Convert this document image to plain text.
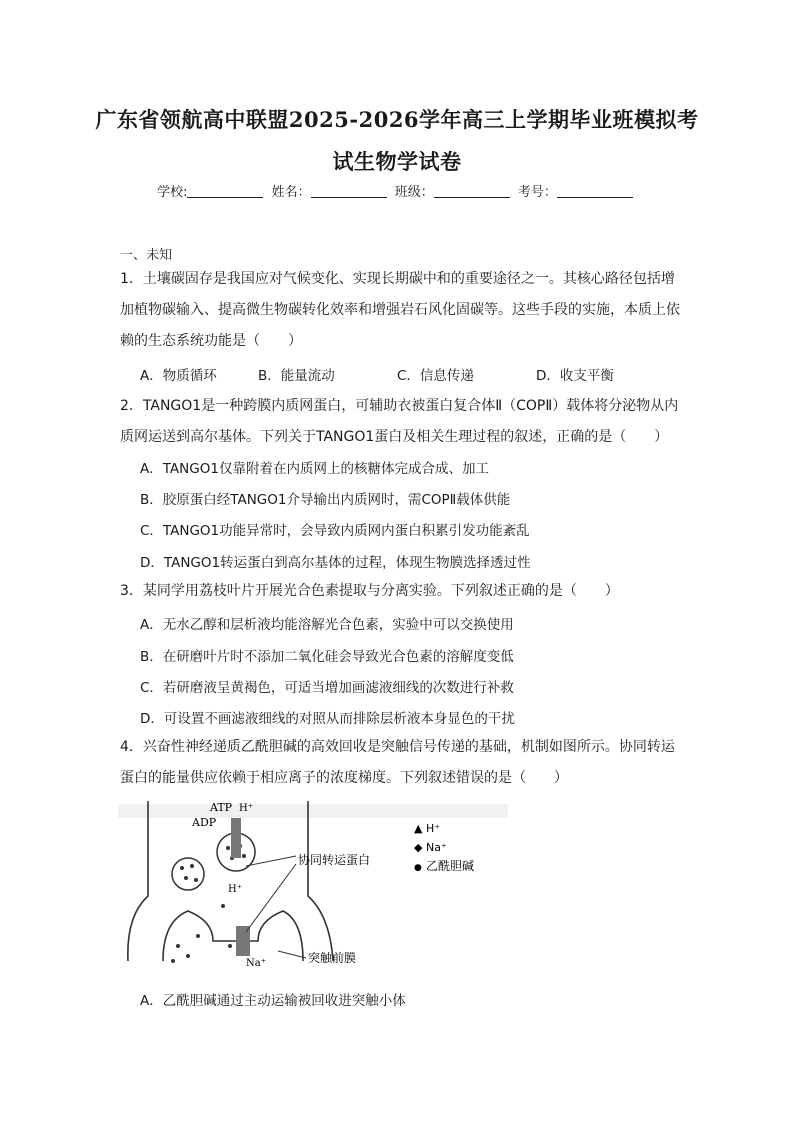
广东省领航高中联盟2025-2026学年高三上学期毕业班模拟考
试生物学试卷
学校:	姓名：	班级：	考号：
一、未知
1．土壤碳固存是我国应对气候变化、实现长期碳中和的重要途径之一。其核心路径包括增加植物碳输入、提高微生物碳转化效率和增强岩石风化固碳等。这些手段的实施，本质上依赖的生态系统功能是（　　）
A．物质循环	B．能量流动	C．信息传递	D．收支平衡
2．TANGO1是一种跨膜内质网蛋白，可辅助衣被蛋白复合体Ⅱ（COPⅡ）载体将分泌物从内质网运送到高尔基体。下列关于TANGO1蛋白及相关生理过程的叙述，正确的是（　　）
A．TANGO1仅靠附着在内质网上的核糖体完成合成、加工
B．胶原蛋白经TANGO1介导输出内质网时，需COPⅡ载体供能
C．TANGO1功能异常时，会导致内质网内蛋白积累引发功能紊乱
D．TANGO1转运蛋白到高尔基体的过程，体现生物膜选择透过性
3．某同学用荔枝叶片开展光合色素提取与分离实验。下列叙述正确的是（　　）
A．无水乙醇和层析液均能溶解光合色素，实验中可以交换使用
B．在研磨叶片时不添加二氧化硅会导致光合色素的溶解度变低
C．若研磨液呈黄褐色，可适当增加画滤液细线的次数进行补救
D．可设置不画滤液细线的对照从而排除层析液本身显色的干扰
4．兴奋性神经递质乙酰胆碱的高效回收是突触信号传递的基础，机制如图所示。协同转运蛋白的能量供应依赖于相应离子的浓度梯度。下列叙述错误的是（　　）
ATP H⁺
ADP
H⁺
Na⁺
协同转运蛋白
突触前膜
▲ H⁺
◆ Na⁺
● 乙酰胆碱
A．乙酰胆碱通过主动运输被回收进突触小体
